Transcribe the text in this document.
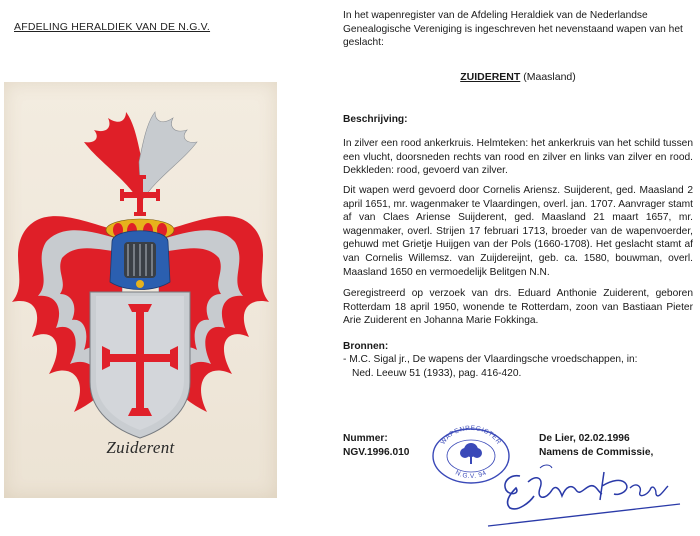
AFDELING HERALDIEK VAN DE N.G.V.
Zuiderent
In het wapenregister van de Afdeling Heraldiek van de Nederlandse Genealogische Vereniging is ingeschreven het nevenstaand wapen van het geslacht:
ZUIDERENT (Maasland)
Beschrijving:
In zilver een rood ankerkruis. Helmteken: het ankerkruis van het schild tussen een vlucht, doorsneden rechts van rood en zilver en links van zilver en rood. Dekkleden: rood, gevoerd van zilver.
Dit wapen werd gevoerd door Cornelis Ariensz. Suijderent, ged. Maasland 2 april 1651, mr. wagenmaker te Vlaardingen, overl. jan. 1707. Aanvrager stamt af van Claes Ariense Suijderent, ged. Maasland 21 maart 1657, mr. wagenmaker, overl. Strijen 17 februari 1713, broeder van de wapenvoerder, gehuwd met Grietje Huijgen van der Pols (1660-1708). Het geslacht stamt af van Cornelis Willemsz. van Zuijdereijnt, geb. ca. 1580, bouwman, overl. Maasland 1650 en vermoedelijk Belitgen N.N.
Geregistreerd op verzoek van drs. Eduard Anthonie Zuiderent, geboren Rotterdam 18 april 1950, wonende te Rotterdam, zoon van Bastiaan Pieter Arie Zuiderent en Johanna Marie Fokkinga.
Bronnen:
- M.C. Sigal jr., De wapens der Vlaardingsche vroedschappen, in:
Ned. Leeuw 51 (1933), pag. 416-420.
Nummer:
NGV.1996.010
De Lier, 02.02.1996
Namens de Commissie,
WAPENREGISTER
N.G.V. 94
